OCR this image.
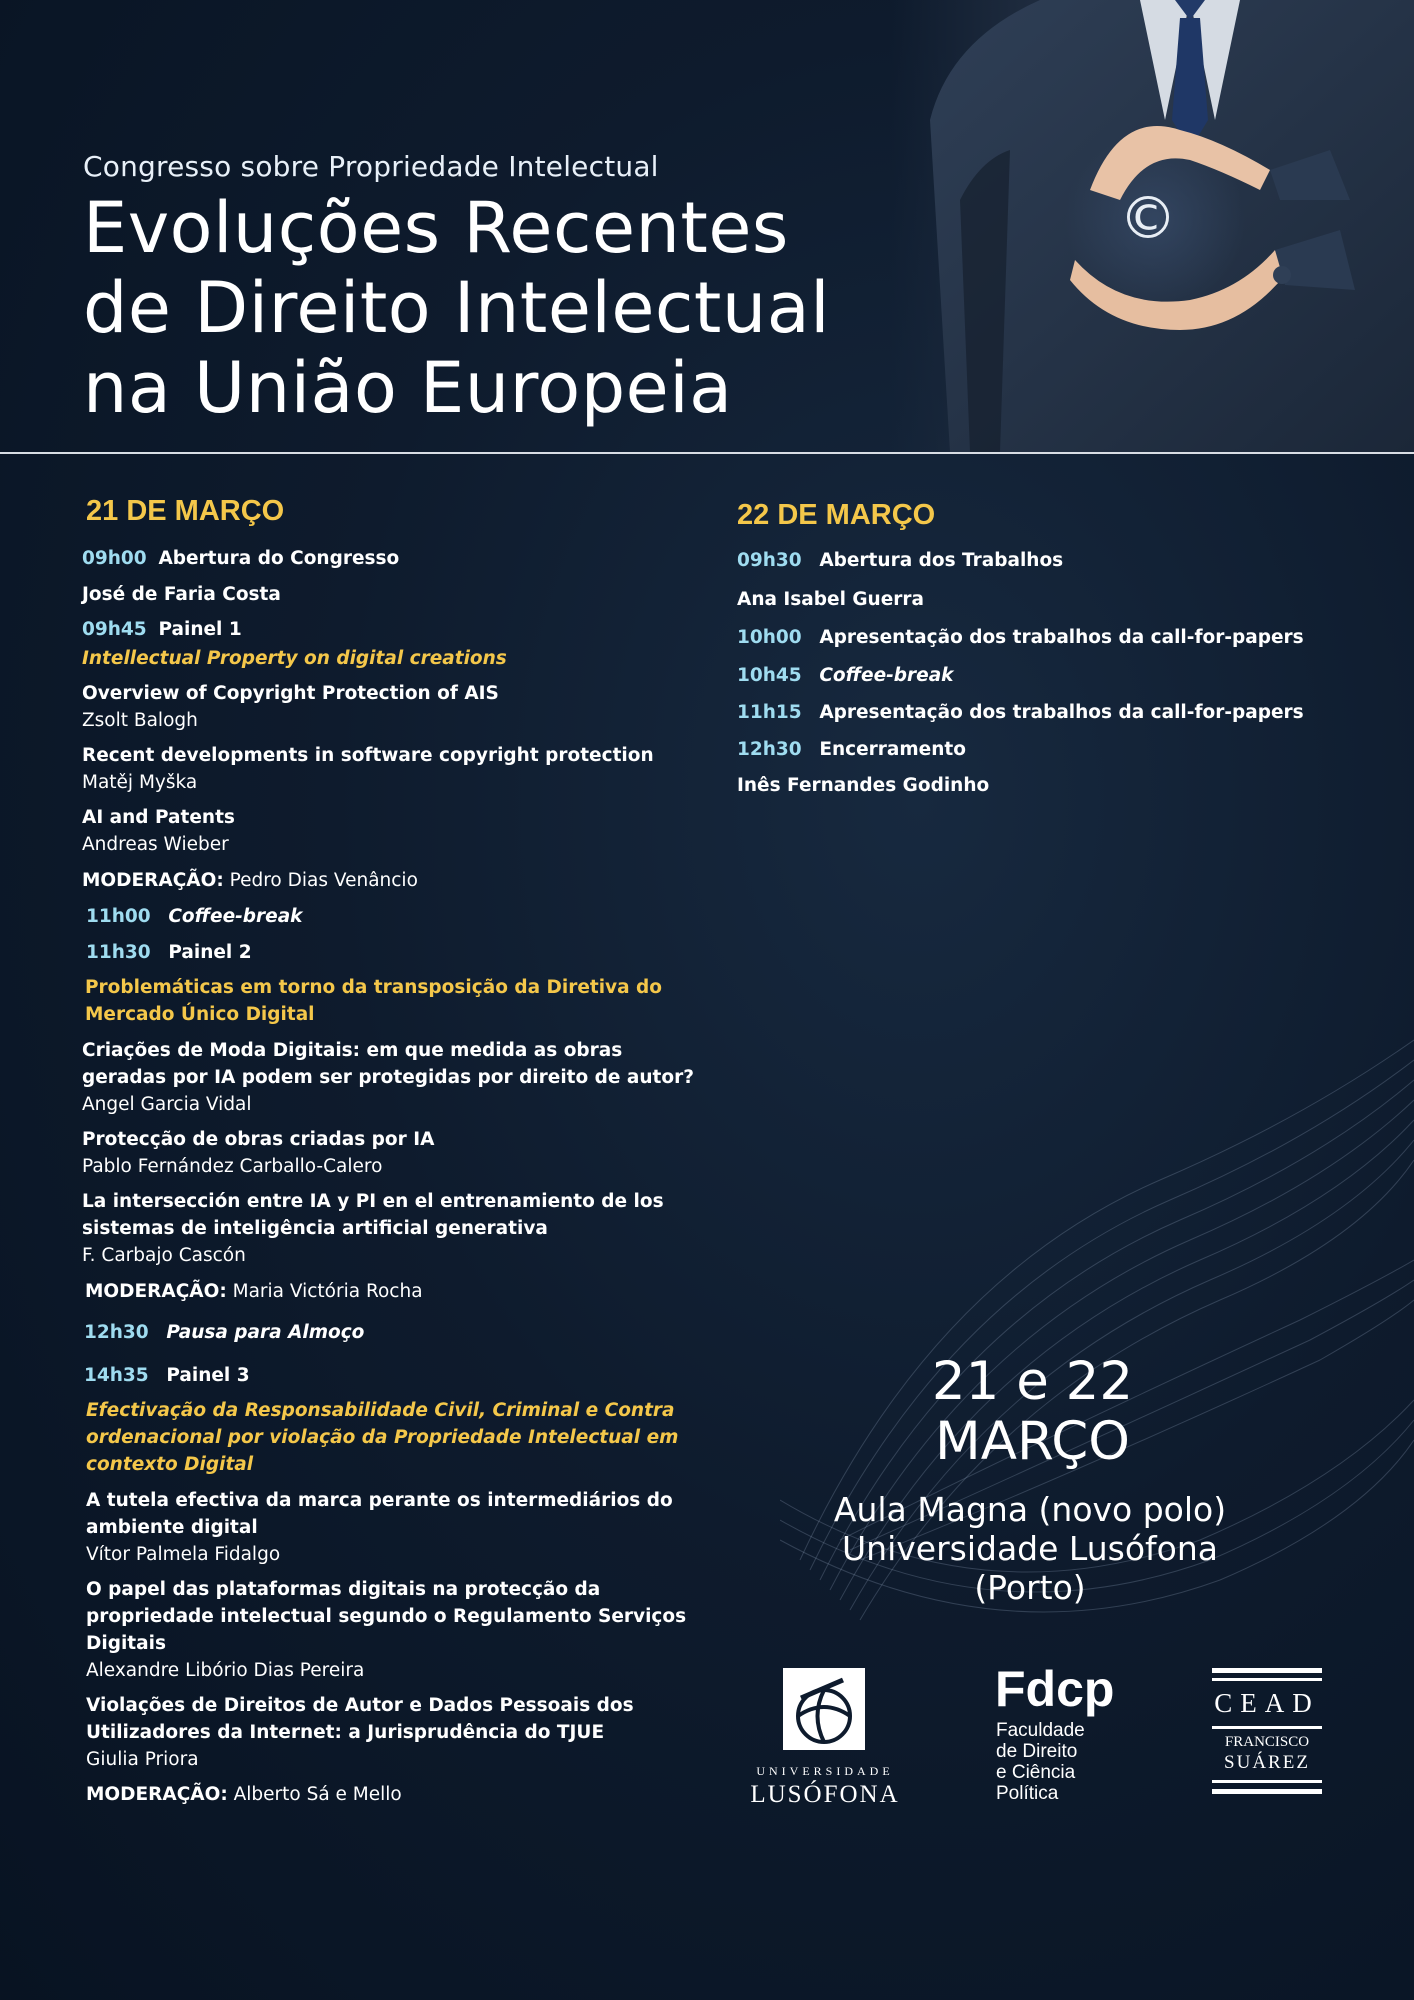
©
Congresso sobre Propriedade Intelectual
Evoluções Recentes
de Direito Intelectual
na União Europeia
21 DE MARÇO
09h00 Abertura do Congresso
José de Faria Costa
09h45 Painel 1
Intellectual Property on digital creations
Overview of Copyright Protection of AIS
Zsolt Balogh
Recent developments in software copyright protection
Matěj Myška
AI and Patents
Andreas Wieber
MODERAÇÃO: Pedro Dias Venâncio
11h00 Coffee-break
11h30 Painel 2
Problemáticas em torno da transposição da Diretiva do
Mercado Único Digital
Criações de Moda Digitais: em que medida as obras
geradas por IA podem ser protegidas por direito de autor?
Angel Garcia Vidal
Protecção de obras criadas por IA
Pablo Fernández Carballo-Calero
La intersección entre IA y PI en el entrenamiento de los
sistemas de inteligência artificial generativa
F. Carbajo Cascón
MODERAÇÃO: Maria Victória Rocha
12h30 Pausa para Almoço
14h35 Painel 3
Efectivação da Responsabilidade Civil, Criminal e Contra
ordenacional por violação da Propriedade Intelectual em
contexto Digital
A tutela efectiva da marca perante os intermediários do
ambiente digital
Vítor Palmela Fidalgo
O papel das plataformas digitais na protecção da
propriedade intelectual segundo o Regulamento Serviços
Digitais
Alexandre Libório Dias Pereira
Violações de Direitos de Autor e Dados Pessoais dos
Utilizadores da Internet: a Jurisprudência do TJUE
Giulia Priora
MODERAÇÃO: Alberto Sá e Mello
22 DE MARÇO
09h30 Abertura dos Trabalhos
Ana Isabel Guerra
10h00 Apresentação dos trabalhos da call-for-papers
10h45 Coffee-break
11h15 Apresentação dos trabalhos da call-for-papers
12h30 Encerramento
Inês Fernandes Godinho
21 e 22
MARÇO
Aula Magna (novo polo)
Universidade Lusófona
(Porto)
UNIVERSIDADE
LUSÓFONA
Fdcp
Faculdade
de Direito
e Ciência
Política
CEAD
FRANCISCO
SUÁREZ
